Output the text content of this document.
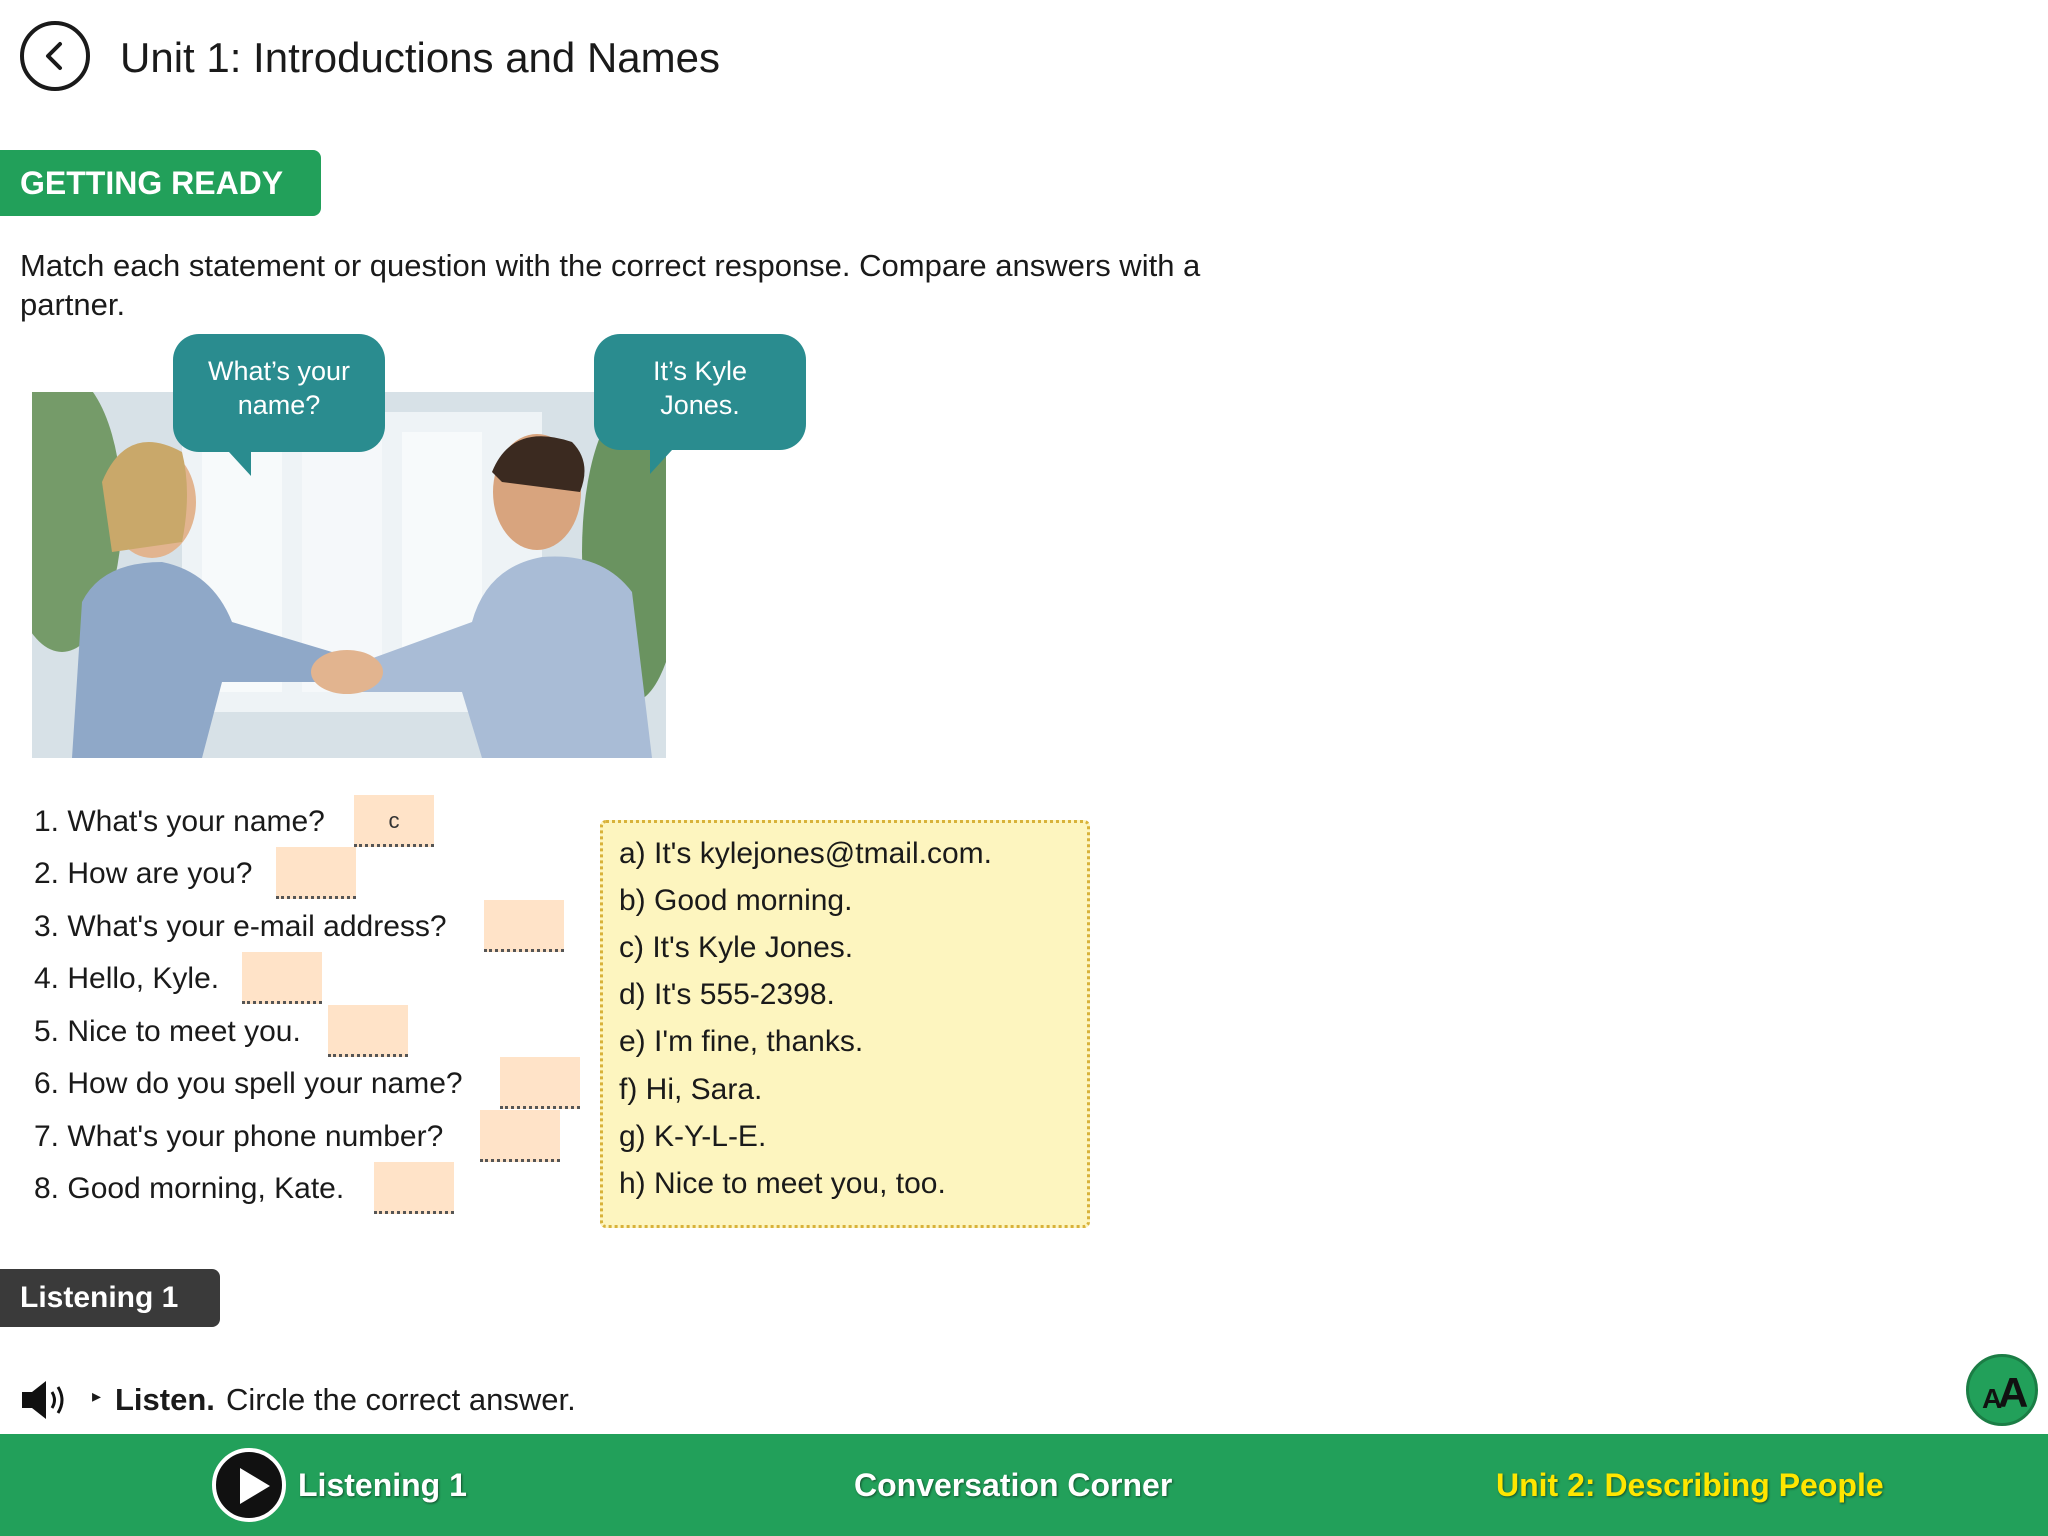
Unit 1: Introductions and Names
GETTING READY
Match each statement or question with the correct response. Compare answers with a partner.
What’s your
name?
It’s Kyle
Jones.
1. What's your name?	c
2. How are you?
3. What's your e-mail address?
4. Hello, Kyle.
5. Nice to meet you.
6. How do you spell your name?
7. What's your phone number?
8. Good morning, Kate.
a) It's kylejones@tmail.com.
b) Good morning.
c) It's Kyle Jones.
d) It's 555-2398.
e) I'm fine, thanks.
f) Hi, Sara.
g) K-Y-L-E.
h) Nice to meet you, too.
Listening 1
▸ Listen. Circle the correct answer.	A
A
Listening 1	Conversation Corner	Unit 2: Describing People
